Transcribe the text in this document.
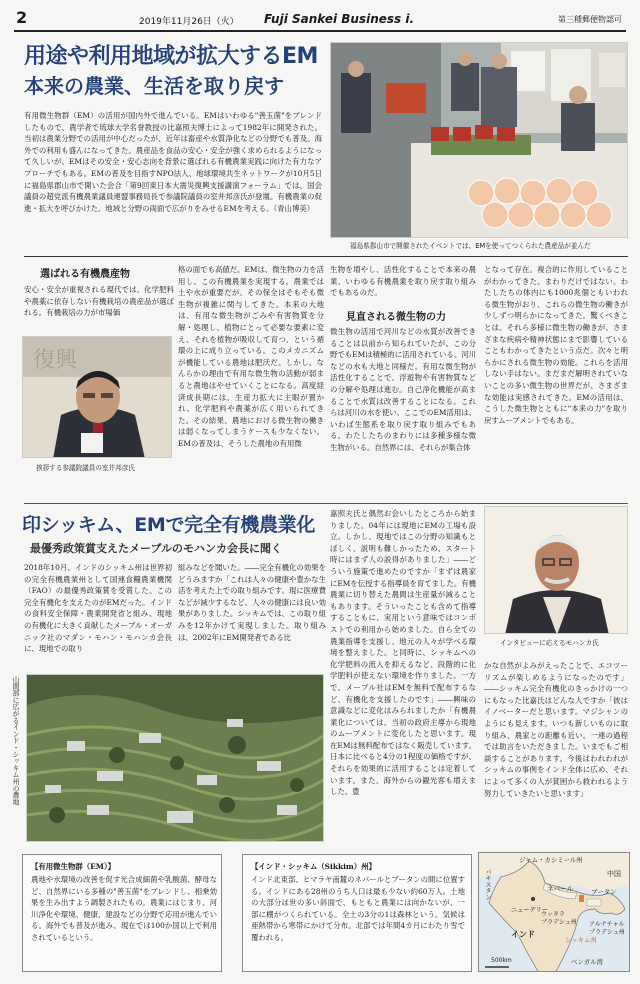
2	2019年11月26日（火） Fuji Sankei Business i.	第三種郵便物認可
用途や利用地域が拡大するEM
本来の農業、生活を取り戻す
有用微生物群（EM）の活用が国内外で進んでいる。EMはいわゆる"善玉菌"をブレンドしたもので、農学者で琉球大学名誉教授の比嘉照夫博士によって1982年に開発された。当初は農業分野での活用が中心だったが、近年は畜産や水質浄化などの分野でも普及。海外での利用も盛んになってきた。農産品を食品の安心・安全が強く求められるようになって久しいが、EMはその安全・安心志向を背景に選ばれる有機農業実践に向けた有力なアプローチでもある。EMの普及を目指すNPO法人、地球環境共生ネットワークが10月5日に福島県郡山市で開いた会合「第9回東日本大震災復興支援講演フォーラム」では、国会議員の超党派有機農業議員連盟事務局長で参議院議員の室井邦彦氏が登壇。有機農業の促進・拡大を呼びかけた。地域と分野の両面で広がりをみせるEMを考える。（青山博美）
福島県郡山市で開催されたイベントでは、EMを使ってつくられた農産品が並んだ
選ばれる有機農産物
安心・安全が重視される現代では、化学肥料や農薬に依存しない有機栽培の農産品が選ばれる。有機栽培の力が市場価
復興
挨拶する参議院議員の室井邦彦氏
格の面でも高値だ。EMは、微生物の力を活用し、この有機農業を実現する。農業では土や水が重要だが、その保全はそもそも微生物が複雑に関与してきた。本来の大地は、有用な微生物がごみや有害物質を分解・処理し、植物にとって必要な要素に変え、それを植物が吸収して育つ、という循環の上に成り立っている。このメカニズムが機能している農地は肥沃だ。しかし、なんらかの理由で有用な微生物の活動が弱まると農地はやせていくことになる。高度経済成長期には、生産力拡大に主眼が置かれ、化学肥料や農薬が広く用いられてきた。その結果、農地における微生物の働きは弱くなってしまうケースも少なくない。EMの普及は、そうした農地の有用微
生物を増やし、活性化することで本来の農業、いわゆる有機農業を取り戻す取り組みでもあるのだ。
見直される微生物の力
微生物の活用で河川などの水質が改善できることは以前から知られていたが、この分野でもEMは積極的に活用されている。河川などの水も大地と同様だ。有用な微生物が活性化することで、浮遊物や有害物質などの分解や処理は進む。自己浄化機能が高まることで水質は改善することになる。これらは河川の水を使い、ここでのEM活用は、いわば生態系を取り戻す取り組みでもある。わたしたちのまわりには多種多様な微生物がいる。自然界には、それらが集合体
となって存在。複合的に作用していることがわかってきた。まわりだけではない。わたしたちの体内にも1000兆個ともいわれる微生物がおり、これらの微生物の働きが少しずつ明らかになってきた。驚くべきことは、それら多様に微生物の働きが、さまざまな疾病や精神状態にまで影響していることもわかってきたという点だ。次々と明らかにされる微生物の効能。これらを活用しない手はない。まだまだ解明されていないことの多い微生物の世界だが、さまざまな効能は実感されてきた。EMの活用は、こうした微生物とともに"本来の力"を取り戻すムーブメントでもある。
印シッキム、EMで完全有機農業化
最優秀政策賞支えたメーブルのモハンカ会長に聞く
2018年10月、インドのシッキム州は世界初の完全有機農業州として国連食糧農業機関（FAO）の最優秀政策賞を受賞した。この完全有機化を支えたのがEMだった。インドの食料安全保障・農業開発省と組み、現地の有機化に大きく貢献したメーブル・オーガニック社のマダン・モハン・モハンカ会長に、現地での取り
組みなどを聞いた。――完全有機化の効果をどうみますか「これは人々の健康や豊かな生活を考えた上での取り組みです。現に医療費などが減少するなど、人々の健康には良い効果がありました。シッキムでは、この取り組みを12年かけて実現しました。取り組みは、2002年にEM開発者である比
嘉照夫氏と偶然お会いしたところから始まりました。04年には現地にEMの工場も設立。しかし、現地ではこの分野の知識もとぼしく、説明も難しかったため、スタート時にはまず人の説得がありました」――どういう施策で進めたのですか「まずは農家にEMを伝授する指導員を育てました。有機農業に切り替えた農間は生産量が減ることもあります。そういったことも含めて指導することもに、実用という意味ではコンポストでの利用から始めました。自ら全ての農業指導を支援し、地元の人々が学べる環境を整えました。と同時に、シッキムへの化学肥料の流入を抑えるなど、段階的に化学肥料が使えない環境を作りました。一方で、メーブル社はEMを無料で配布するなど、有機化を支援したのです」――興味の意識などに変化はみられましたか「有機農業化については、当初の政府主導から現地のムーブメントに変化したと思います。現在EMは無料配布ではなく販売しています。日本に比べると4分の1程度の価格ですが、それらを効果的に活用することは定着しています。また、海外からの観光客も増えました。豊
インタビューに応えるモハンカ氏
かな自然がよみがえったことで、エコツーリズムが楽しめるようになったのです」――シッキム完全有機化のきっかけの一つにもなった比嘉氏はどんな人ですか「彼はイノベーターだと思います。マジシャンのようにも見えます。いつも新しいものに取り組み、農家との距離も近い。一連の過程では助言をいただきました。いまでもご相談することがあります。今後はわれわれがシッキムの事例をインド全体に広め、それによって多くの人が貧困から救われるよう努力していきたいと思います」
山間部に広がるインド・シッキム州の農地
【有用微生物群（EM）】
農地や水環境の改善を促す光合成細菌や乳酸菌、酵母など、自然界にいる多種の"善玉菌"をブレンドし、相乗効果を生み出すよう調製されたもの。農業にはじまり、河川浄化や環境、健康、建設などの分野で応用が進んでいる。海外でも普及が進み、現在では100か国以上で利用されているという。
【インド・シッキム（Sikkim）州】
インド北東部、ヒマラヤ南麓のネパールとブータンの間に位置する。インドにある28州のうち人口は最も少ない約60万人。土地の大部分は世の多い斜面で、もともと農業には向かないが、一部に棚がつくられている。全土の3分の1は森林という。気候は亜熱帯から寒帯にかけて分布。北部では年間4カ月にわたり雪で覆われる。
ジャム・カシミール州
中国
ネパール	ブータン
パキスタン
ニューデリー
ウッタラ
プラデシュ州
インド
シッキム州
アルナチャル
プラデシュ州
ベンガル湾
500km
